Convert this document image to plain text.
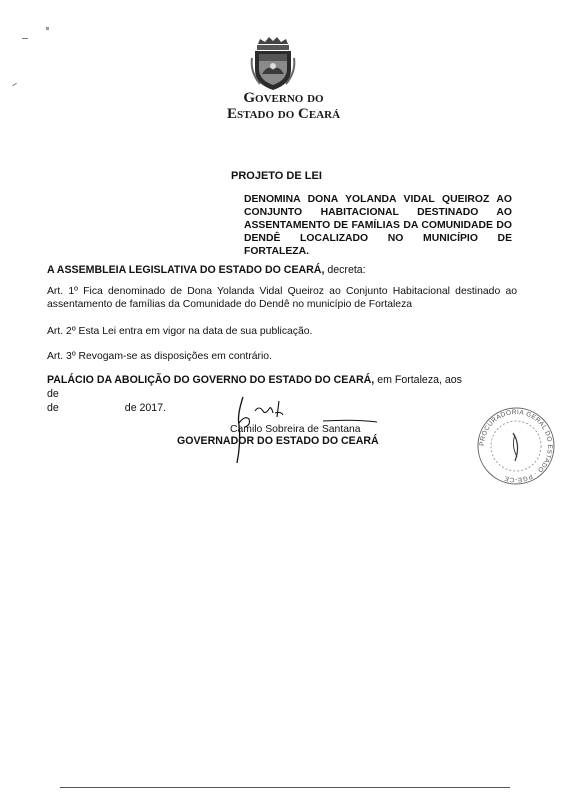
Governo do
Estado do Ceará
PROJETO DE LEI
DENOMINA DONA YOLANDA VIDAL QUEIROZ AO CONJUNTO HABITACIONAL DESTINADO AO ASSENTAMENTO DE FAMÍLIAS DA COMUNIDADE DO DENDÊ LOCALIZADO NO MUNICÍPIO DE FORTALEZA.
A ASSEMBLEIA LEGISLATIVA DO ESTADO DO CEARÁ, decreta:
Art. 1º Fica denominado de Dona Yolanda Vidal Queiroz ao Conjunto Habitacional destinado ao assentamento de famílias da Comunidade do Dendê no município de Fortaleza
Art. 2º Esta Lei entra em vigor na data de sua publicação.
Art. 3º Revogam-se as disposições em contrário.
PALÁCIO DA ABOLIÇÃO DO GOVERNO DO ESTADO DO CEARÁ, em Fortaleza, aosde
de	de 2017.
Camilo Sobreira de Santana
GOVERNADOR DO ESTADO DO CEARÁ	PROCURADORIA GERAL DO ESTADO · PGE-CE
